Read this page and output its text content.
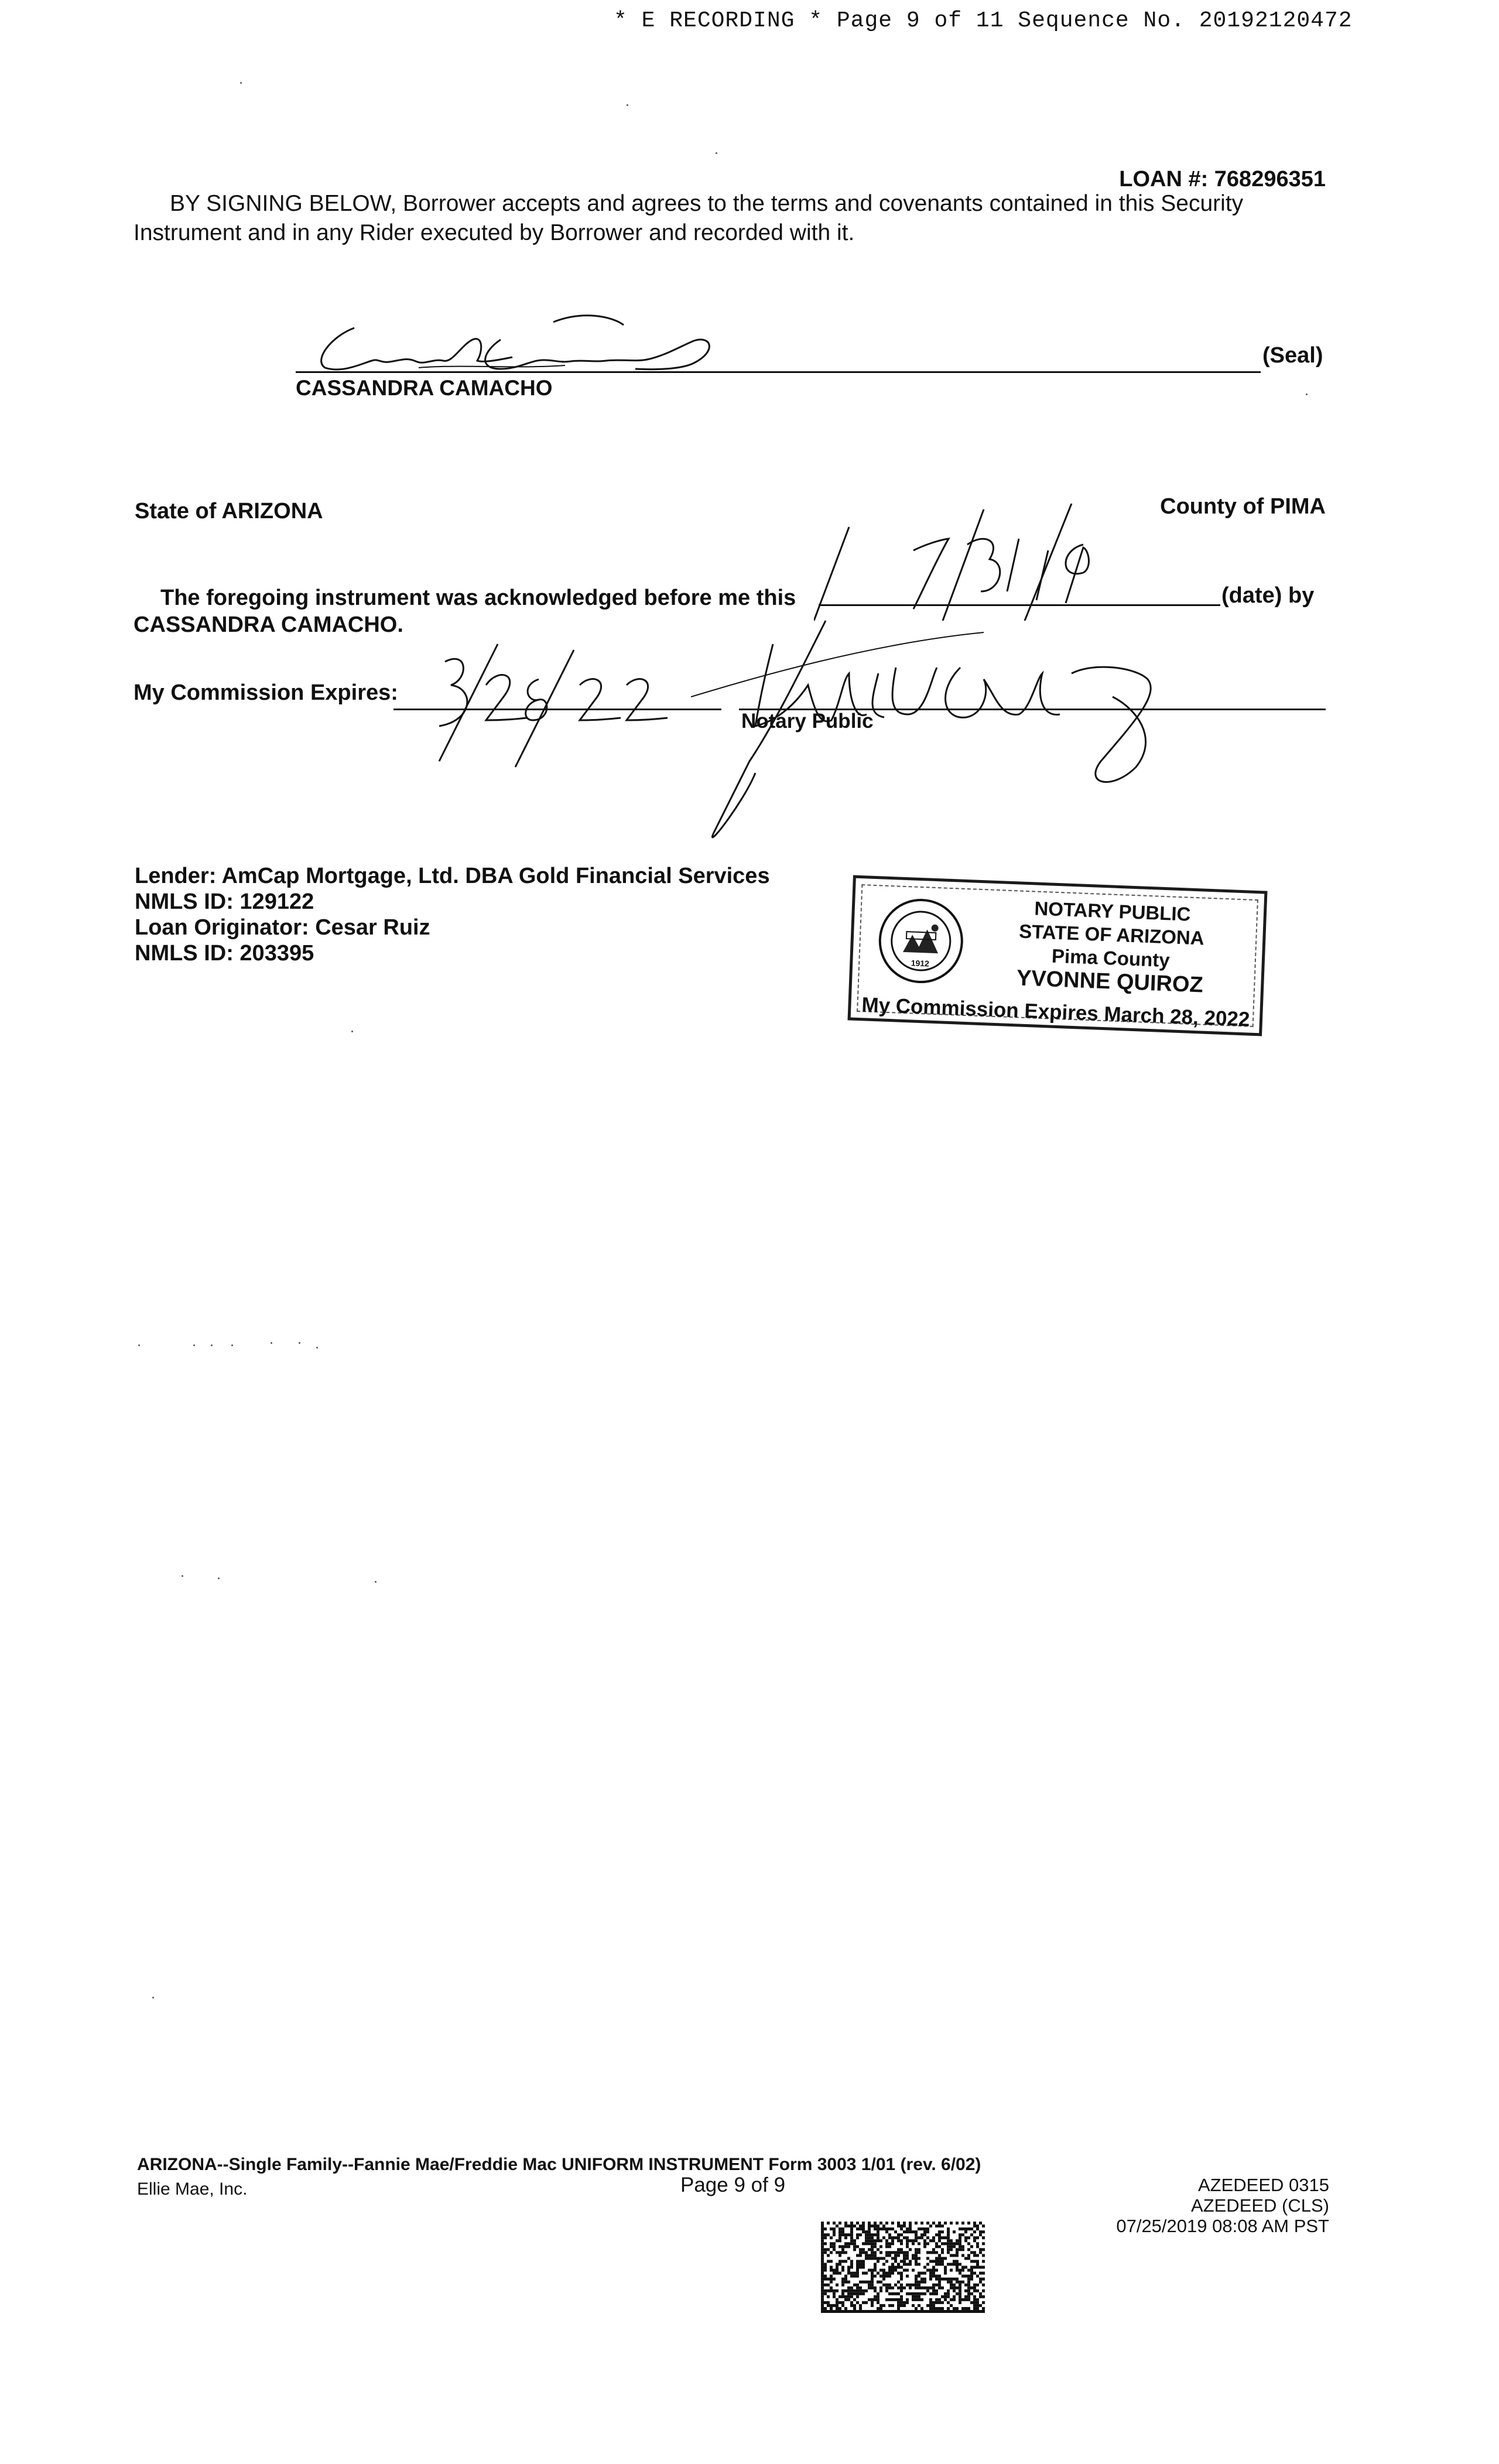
* E RECORDING * Page 9 of 11 Sequence No. 20192120472
LOAN #: 768296351
BY SIGNING BELOW, Borrower accepts and agrees to the terms and covenants contained in this Security Instrument and in any Rider executed by Borrower and recorded with it.
(Seal)
CASSANDRA CAMACHO
State of ARIZONA	County of PIMA
The foregoing instrument was acknowledged before me this	(date) by
CASSANDRA CAMACHO.
My Commission Expires:
Notary Public
Lender: AmCap Mortgage, Ltd. DBA Gold Financial Services
NMLS ID: 129122
Loan Originator: Cesar Ruiz
NMLS ID: 203395	1912
NOTARY PUBLIC
STATE OF ARIZONA
Pima County
YVONNE QUIROZ
My Commission Expires March 28, 2022
ARIZONA--Single Family--Fannie Mae/Freddie Mac UNIFORM INSTRUMENT Form 3003 1/01 (rev. 6/02)
Ellie Mae, Inc.	Page 9 of 9	AZEDEED 0315
AZEDEED (CLS)
07/25/2019 08:08 AM PST
